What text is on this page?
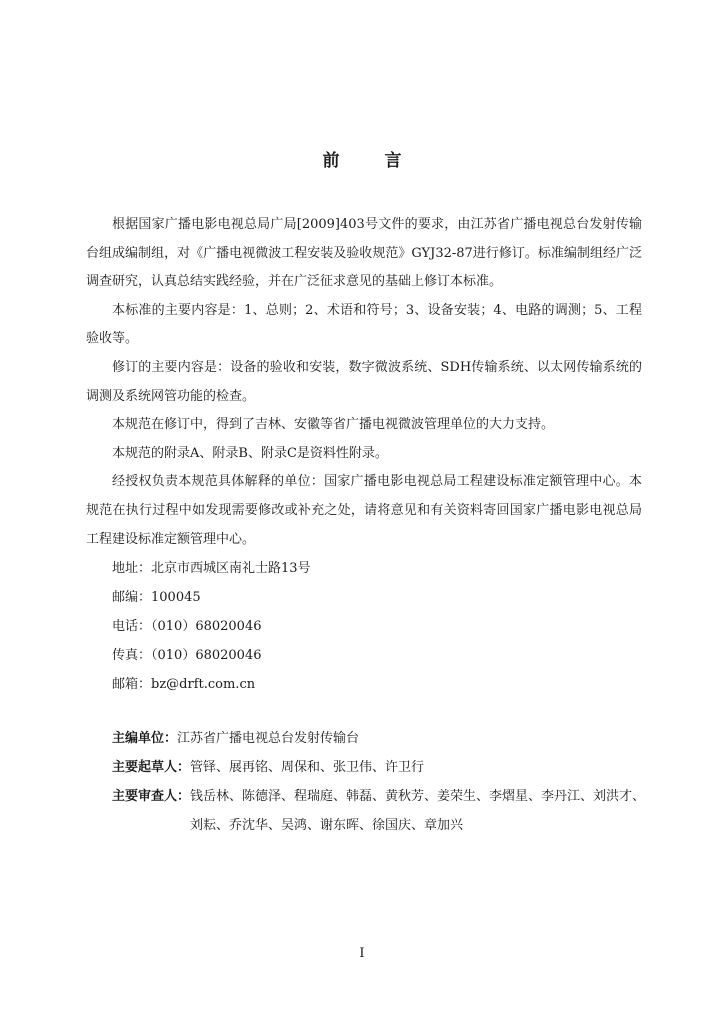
前　言

根据国家广播电影电视总局广局[2009]403号文件的要求，由江苏省广播电视总台发射传输台组成编制组，对《广播电视微波工程安装及验收规范》GYJ32-87进行修订。标准编制组经广泛调查研究，认真总结实践经验，并在广泛征求意见的基础上修订本标准。

本标准的主要内容是：1、总则；2、术语和符号；3、设备安装；4、电路的调测；5、工程验收等。

修订的主要内容是：设备的验收和安装，数字微波系统、SDH传输系统、以太网传输系统的调测及系统网管功能的检查。

本规范在修订中，得到了吉林、安徽等省广播电视微波管理单位的大力支持。

本规范的附录A、附录B、附录C是资料性附录。

经授权负责本规范具体解释的单位：国家广播电影电视总局工程建设标准定额管理中心。本规范在执行过程中如发现需要修改或补充之处，请将意见和有关资料寄回国家广播电影电视总局工程建设标准定额管理中心。

地址：北京市西城区南礼士路13号
邮编：100045
电话：（010）68020046
传真：（010）68020046
邮箱：bz@drft.com.cn
主编单位： 江苏省广播电视总台发射传输台
主要起草人： 管铎、展再铭、周保和、张卫伟、许卫行
主要审查人： 钱岳林、陈德泽、程瑞庭、韩磊、黄秋芳、姜荣生、李熠星、李丹江、刘洪才、
刘耘、乔沈华、吴鸿、谢东晖、徐国庆、章加兴
I
